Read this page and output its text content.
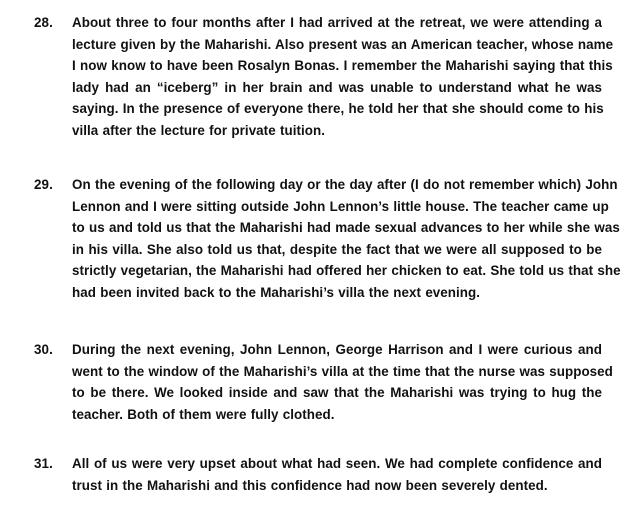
28. About three to four months after I had arrived at the retreat, we were attending a
lecture given by the Maharishi. Also present was an American teacher, whose name
I now know to have been Rosalyn Bonas. I remember the Maharishi saying that this
lady had an “iceberg” in her brain and was unable to understand what he was
saying. In the presence of everyone there, he told her that she should come to his
villa after the lecture for private tuition.
29. On the evening of the following day or the day after (I do not remember which) John
Lennon and I were sitting outside John Lennon’s little house. The teacher came up
to us and told us that the Maharishi had made sexual advances to her while she was
in his villa. She also told us that, despite the fact that we were all supposed to be
strictly vegetarian, the Maharishi had offered her chicken to eat. She told us that she
had been invited back to the Maharishi’s villa the next evening.
30. During the next evening, John Lennon, George Harrison and I were curious and
went to the window of the Maharishi’s villa at the time that the nurse was supposed
to be there. We looked inside and saw that the Maharishi was trying to hug the
teacher. Both of them were fully clothed.
31. All of us were very upset about what had seen. We had complete confidence and
trust in the Maharishi and this confidence had now been severely dented.
